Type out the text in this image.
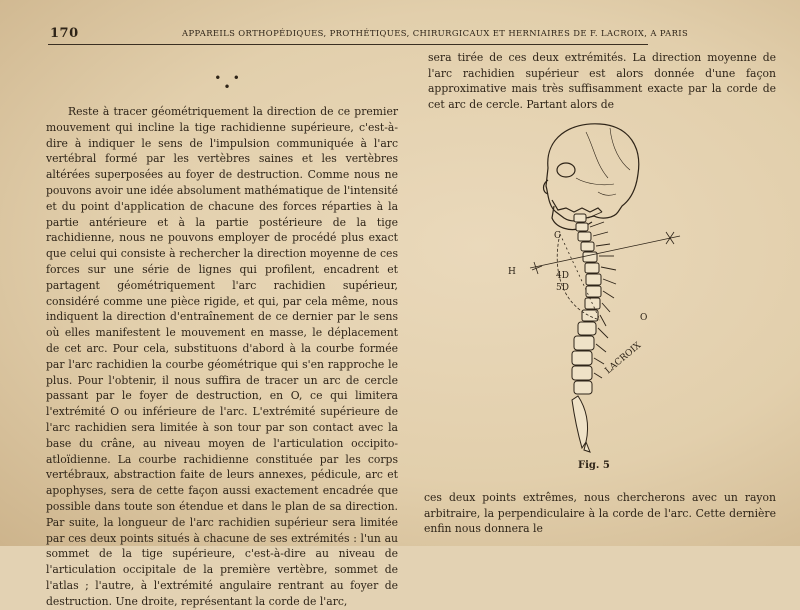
170	APPAREILS ORTHOPÉDIQUES, PROTHÉTIQUES, CHIRURGICAUX ET HERNIAIRES DE F. LACROIX, A PARIS
•   • •

Reste à tracer géométriquement la direction de ce premier mouvement qui incline la tige rachidienne supérieure, c'est-à-dire à indiquer le sens de l'impulsion communiquée à l'arc vertébral formé par les vertèbres saines et les vertèbres altérées superposées au foyer de destruction. Comme nous ne pouvons avoir une idée absolument mathématique de l'intensité et du point d'application de chacune des forces réparties à la partie antérieure et à la partie postérieure de la tige rachidienne, nous ne pouvons employer de procédé plus exact que celui qui consiste à rechercher la direction moyenne de ces forces sur une série de lignes qui profilent, encadrent et partagent géométriquement l'arc rachidien supérieur, considéré comme une pièce rigide, et qui, par cela même, nous indiquent la direction d'entraînement de ce dernier par le sens où elles manifestent le mouvement en masse, le déplacement de cet arc. Pour cela, substituons d'abord à la courbe formée par l'arc rachidien la courbe géométrique qui s'en rapproche le plus. Pour l'obtenir, il nous suffira de tracer un arc de cercle passant par le foyer de destruction, en O, ce qui limitera l'extrémité O ou inférieure de l'arc. L'extrémité supérieure de l'arc rachidien sera limitée à son tour par son contact avec la base du crâne, au niveau moyen de l'articulation occipito-atloïdienne. La courbe rachidienne constituée par les corps vertébraux, abstraction faite de leurs annexes, pédicule, arc et apophyses, sera de cette façon aussi exactement encadrée que possible dans toute son étendue et dans le plan de sa direction. Par suite, la longueur de l'arc rachidien supérieur sera limitée par ces deux points situés à chacune de ses extrémités : l'un au sommet de la tige supérieure, c'est-à-dire au niveau de l'articulation occipitale de la première vertèbre, sommet de l'atlas ; l'autre, à l'extrémité angulaire rentrant au foyer de destruction. Une droite, représentant la corde de l'arc,

sera tirée de ces deux extrémités. La direction moyenne de l'arc rachidien supérieur est alors donnée d'une façon approximative mais très suffisamment exacte par la corde de cet arc de cercle. Partant alors de

C
H	4D
5D
O
LACROIX
Fig. 5

ces deux points extrêmes, nous chercherons avec un rayon arbitraire, la perpendiculaire à la corde de l'arc. Cette dernière enfin nous donnera le
